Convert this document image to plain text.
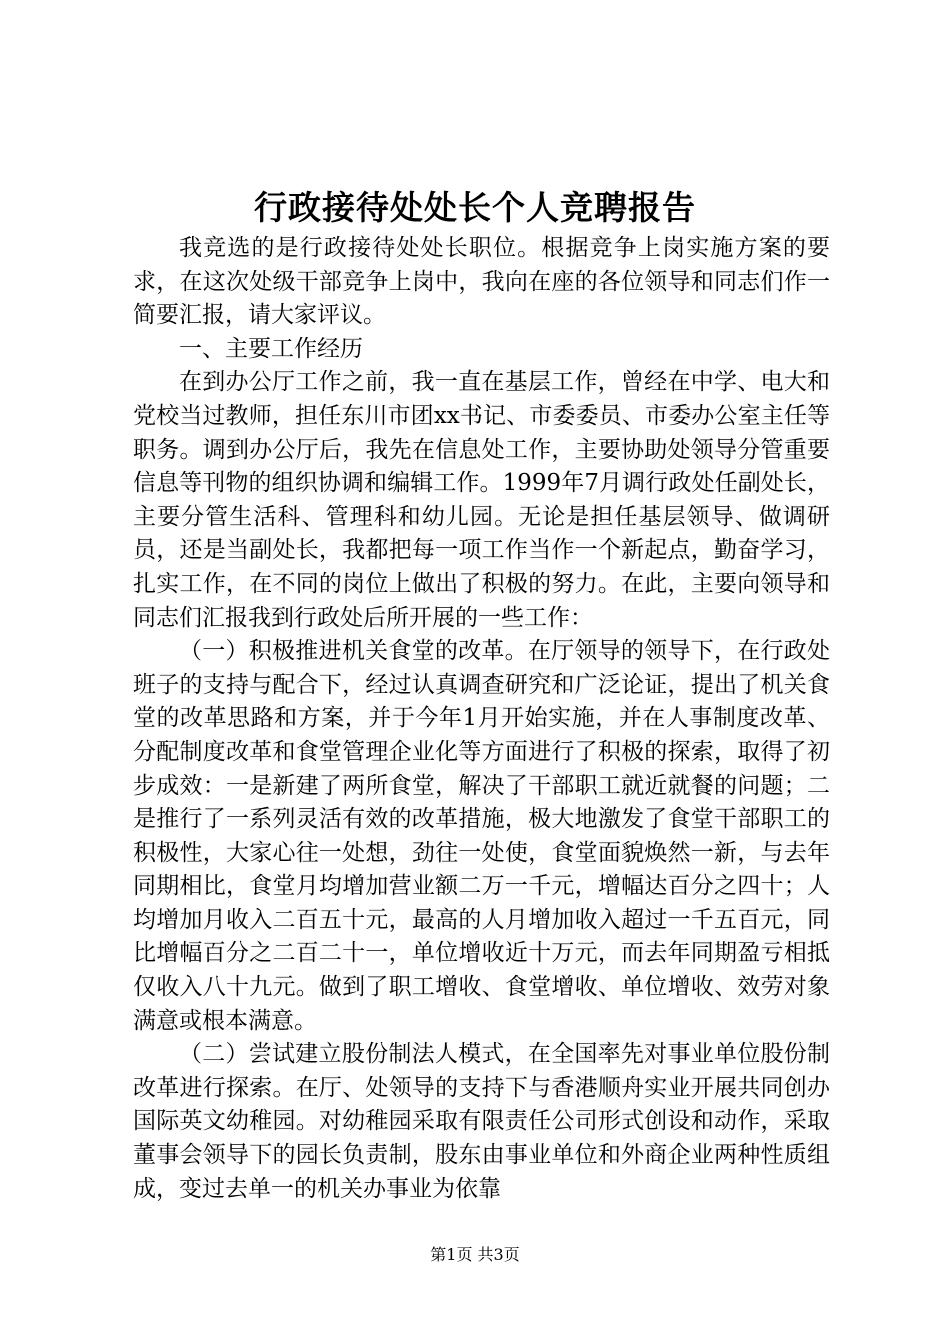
行政接待处处长个人竞聘报告

我竞选的是行政接待处处长职位。根据竞争上岗实施方案的要求，在这次处级干部竞争上岗中，我向在座的各位领导和同志们作一简要汇报，请大家评议。

一、主要工作经历

在到办公厅工作之前，我一直在基层工作，曾经在中学、电大和党校当过教师，担任东川市团xx书记、市委委员、市委办公室主任等职务。调到办公厅后，我先在信息处工作，主要协助处领导分管重要信息等刊物的组织协调和编辑工作。1999年7月调行政处任副处长，主要分管生活科、管理科和幼儿园。无论是担任基层领导、做调研员，还是当副处长，我都把每一项工作当作一个新起点，勤奋学习，扎实工作，在不同的岗位上做出了积极的努力。在此，主要向领导和同志们汇报我到行政处后所开展的一些工作：

（一）积极推进机关食堂的改革。在厅领导的领导下，在行政处班子的支持与配合下，经过认真调查研究和广泛论证，提出了机关食堂的改革思路和方案，并于今年1月开始实施，并在人事制度改革、分配制度改革和食堂管理企业化等方面进行了积极的探索，取得了初步成效：一是新建了两所食堂，解决了干部职工就近就餐的问题；二是推行了一系列灵活有效的改革措施，极大地激发了食堂干部职工的积极性，大家心往一处想，劲往一处使，食堂面貌焕然一新，与去年同期相比，食堂月均增加营业额二万一千元，增幅达百分之四十；人均增加月收入二百五十元，最高的人月增加收入超过一千五百元，同比增幅百分之二百二十一，单位增收近十万元，而去年同期盈亏相抵仅收入八十九元。做到了职工增收、食堂增收、单位增收、效劳对象满意或根本满意。

（二）尝试建立股份制法人模式，在全国率先对事业单位股份制改革进行探索。在厅、处领导的支持下与香港顺舟实业开展共同创办国际英文幼稚园。对幼稚园采取有限责任公司形式创设和动作，采取董事会领导下的园长负责制，股东由事业单位和外商企业两种性质组成，变过去单一的机关办事业为依靠

第1页 共3页
